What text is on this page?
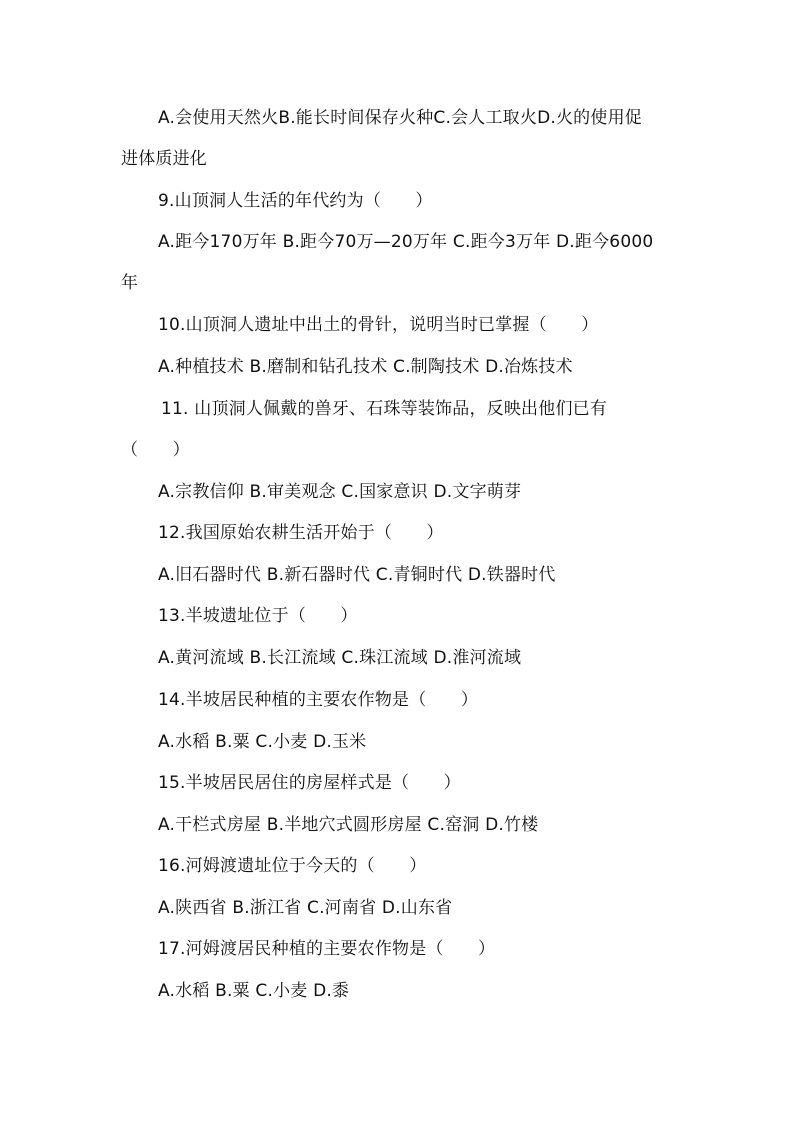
A.会使用天然火B.能长时间保存火种C.会人工取火D.火的使用促

进体质进化

9.山顶洞人生活的年代约为（　　）

A.距今170万年 B.距今70万—20万年 C.距今3万年 D.距今6000

年

10.山顶洞人遗址中出土的骨针，说明当时已掌握（　　）

A.种植技术 B.磨制和钻孔技术 C.制陶技术 D.冶炼技术

11. 山顶洞人佩戴的兽牙、石珠等装饰品，反映出他们已有

（　　）

A.宗教信仰 B.审美观念 C.国家意识 D.文字萌芽

12.我国原始农耕生活开始于（　　）

A.旧石器时代 B.新石器时代 C.青铜时代 D.铁器时代

13.半坡遗址位于（　　）

A.黄河流域 B.长江流域 C.珠江流域 D.淮河流域

14.半坡居民种植的主要农作物是（　　）

A.水稻 B.粟 C.小麦 D.玉米

15.半坡居民居住的房屋样式是（　　）

A.干栏式房屋 B.半地穴式圆形房屋 C.窑洞 D.竹楼

16.河姆渡遗址位于今天的（　　）

A.陕西省 B.浙江省 C.河南省 D.山东省

17.河姆渡居民种植的主要农作物是（　　）

A.水稻 B.粟 C.小麦 D.黍
